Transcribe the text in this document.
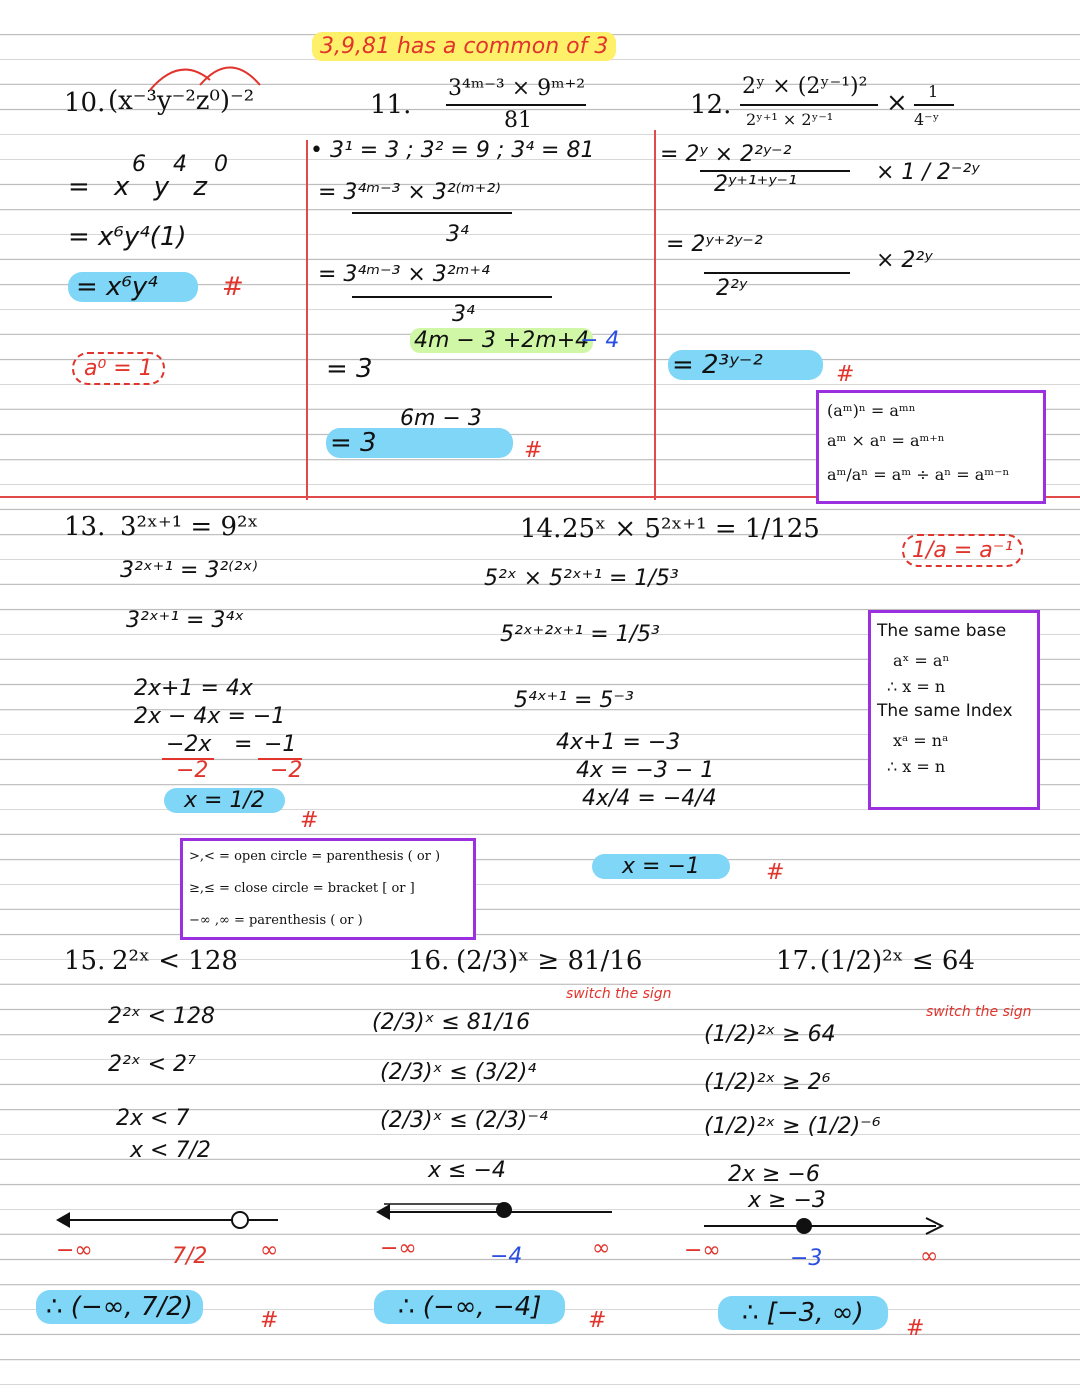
3,9,81 has a common of 3
10. (x⁻³y⁻²z⁰)⁻²
6 4 0
= x y z
= x⁶y⁴(1)
= x⁶y⁴	#
a⁰ = 1
11.
3⁴ᵐ⁻³ × 9ᵐ⁺²
81
• 3¹ = 3 ; 3² = 9 ; 3⁴ = 81
= 3⁴ᵐ⁻³ × 3²⁽ᵐ⁺²⁾
3⁴
= 3⁴ᵐ⁻³ × 3²ᵐ⁺⁴
3⁴
= 3
4m − 3 +2m+4
− 4
= 3
6m − 3
#
12.
2ʸ × (2ʸ⁻¹)²
2ʸ⁺¹ × 2ʸ⁻¹
× 1
4⁻ʸ
= 2ʸ × 2²ʸ⁻²
2ʸ⁺¹⁺ʸ⁻¹	× 1 / 2⁻²ʸ
= 2ʸ⁺²ʸ⁻²
2²ʸ
× 2²ʸ
= 2³ʸ⁻²	#
(aᵐ)ⁿ = aᵐⁿ
aᵐ × aⁿ = aᵐ⁺ⁿ
aᵐ/aⁿ = aᵐ ÷ aⁿ = aᵐ⁻ⁿ
13. 3²ˣ⁺¹ = 9²ˣ
3²ˣ⁺¹ = 3²⁽²ˣ⁾
3²ˣ⁺¹ = 3⁴ˣ
2x+1 = 4x
2x − 4x = −1
−2x = −1
−2	−2
x = 1/2
#
14. 25ˣ × 5²ˣ⁺¹ = 1/125
5²ˣ × 5²ˣ⁺¹ = 1/5³
5²ˣ⁺²ˣ⁺¹ = 1/5³
5⁴ˣ⁺¹ = 5⁻³
4x+1 = −3
4x = −3 − 1
4x/4 = −4/4
x = −1	#
1/a = a⁻¹
>,< = open circle = parenthesis ( or )
≥,≤ = close circle = bracket [ or ]
−∞ ,∞ = parenthesis ( or )
The same base
aˣ = aⁿ
∴ x = n
The same Index
xᵃ = nᵃ
∴ x = n
15. 2²ˣ < 128
2²ˣ < 128
2²ˣ < 2⁷
2x < 7
x < 7/2
−∞	7/2 ∞
∴ (−∞, 7/2)	#
16. (2/3)ˣ ≥ 81/16
switch the sign
(2/3)ˣ ≤ 81/16
(2/3)ˣ ≤ (3/2)⁴
(2/3)ˣ ≤ (2/3)⁻⁴
x ≤ −4
−∞	−4	∞
∴ (−∞, −4]	#
17. (1/2)²ˣ ≤ 64
switch the sign
(1/2)²ˣ ≥ 64
(1/2)²ˣ ≥ 2⁶
(1/2)²ˣ ≥ (1/2)⁻⁶
2x ≥ −6
x ≥ −3
−∞	−3	∞
∴ [−3, ∞)
#
